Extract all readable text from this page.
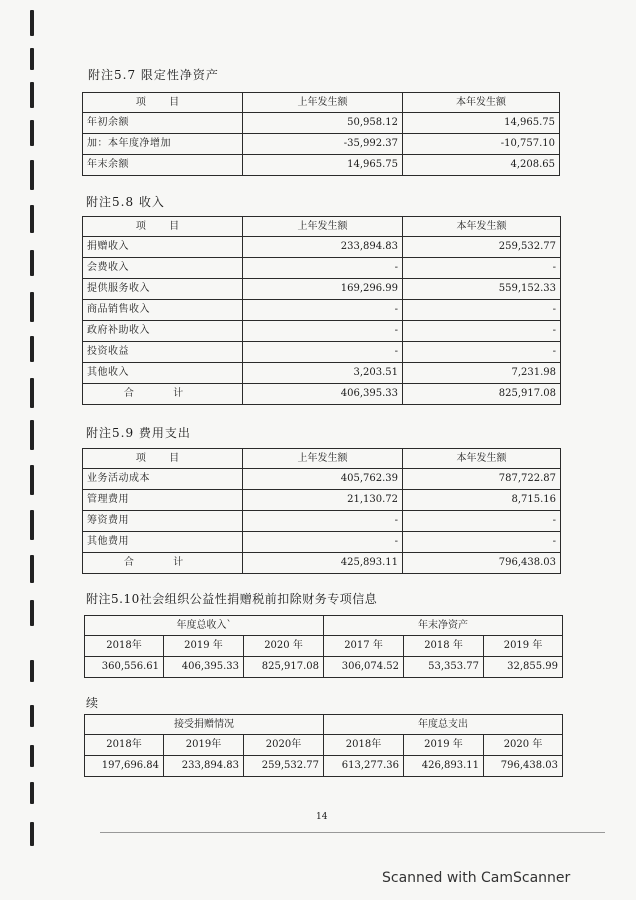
附注5.7 限定性净资产
项 目	上年发生额	本年发生额
年初余额	50,958.12	14,965.75
加：本年度净增加	-35,992.37	-10,757.10
年末余额	14,965.75	4,208.65
附注5.8 收入
项 目	上年发生额	本年发生额
捐赠收入	233,894.83	259,532.77
会费收入	-	-
提供服务收入	169,296.99	559,152.33
商品销售收入	-	-
政府补助收入	-	-
投资收益	-	-
其他收入	3,203.51	7,231.98
合 计	406,395.33	825,917.08
附注5.9 费用支出
项 目	上年发生额	本年发生额
业务活动成本	405,762.39	787,722.87
管理费用	21,130.72	8,715.16
筹资费用	-	-
其他费用	-	-
合 计	425,893.11	796,438.03
附注5.10社会组织公益性捐赠税前扣除财务专项信息
年度总收入`			年末净资产		
2018年	2019 年	2020 年	2017 年	2018 年	2019 年
360,556.61	406,395.33	825,917.08	306,074.52	53,353.77	32,855.99
续
接受捐赠情况			年度总支出		
2018年	2019年	2020年	2018年	2019 年	2020 年
197,696.84	233,894.83	259,532.77	613,277.36	426,893.11	796,438.03
14
Scanned with CamScanner
